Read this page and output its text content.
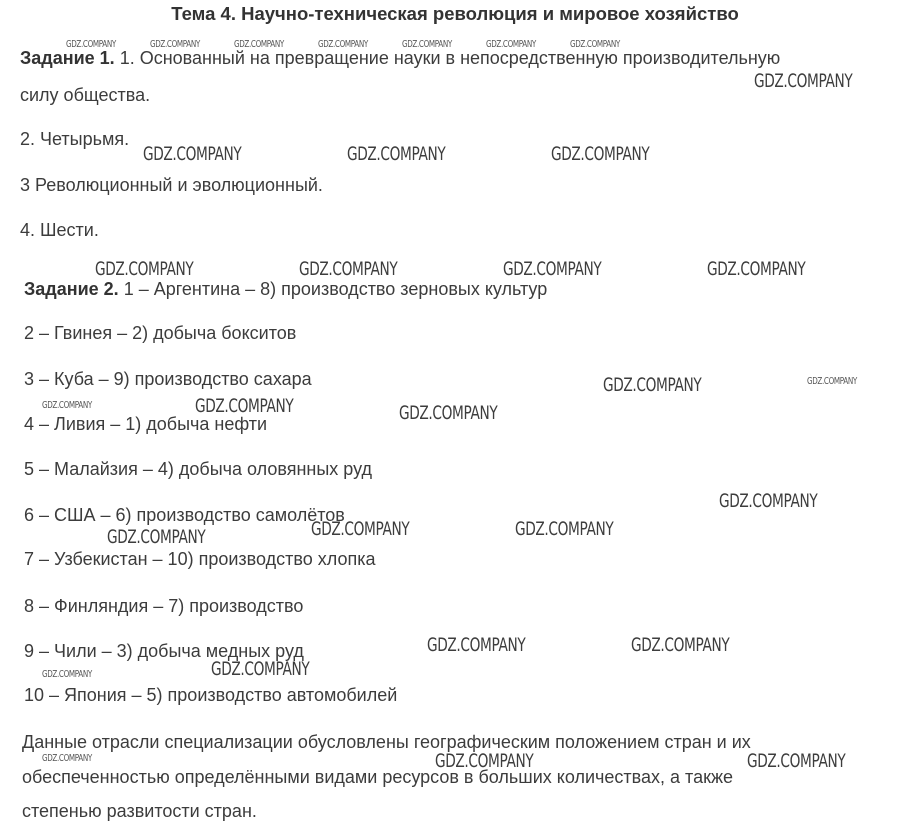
Тема 4. Научно-техническая революция и мировое хозяйство
Задание 1. 1. Основанный на превращение науки в непосредственную производительную
силу общества.
2. Четырьмя.
3 Революционный и эволюционный.
4. Шести.
Задание 2. 1 – Аргентина – 8) производство зерновых культур
2 – Гвинея – 2) добыча бокситов
3 – Куба – 9) производство сахара
4 – Ливия – 1) добыча нефти
5 – Малайзия – 4) добыча оловянных руд
6 – США – 6) производство самолётов
7 – Узбекистан – 10) производство хлопка
8 – Финляндия – 7) производство
9 – Чили – 3) добыча медных руд
10 – Япония – 5) производство автомобилей
Данные отрасли специализации обусловлены географическим положением стран и их
обеспеченностью определёнными видами ресурсов в больших количествах, а также
степенью развитости стран.
GDZ.COMPANY	GDZ.COMPANY	GDZ.COMPANY	GDZ.COMPANY	GDZ.COMPANY	GDZ.COMPANY	GDZ.COMPANY
GDZ.COMPANY
GDZ.COMPANY	GDZ.COMPANY	GDZ.COMPANY
GDZ.COMPANY	GDZ.COMPANY	GDZ.COMPANY	GDZ.COMPANY
GDZ.COMPANY	GDZ.COMPANY
GDZ.COMPANY	GDZ.COMPANY	GDZ.COMPANY
GDZ.COMPANY
GDZ.COMPANY	GDZ.COMPANY	GDZ.COMPANY
GDZ.COMPANY	GDZ.COMPANY
GDZ.COMPANY	GDZ.COMPANY
GDZ.COMPANY	GDZ.COMPANY	GDZ.COMPANY
